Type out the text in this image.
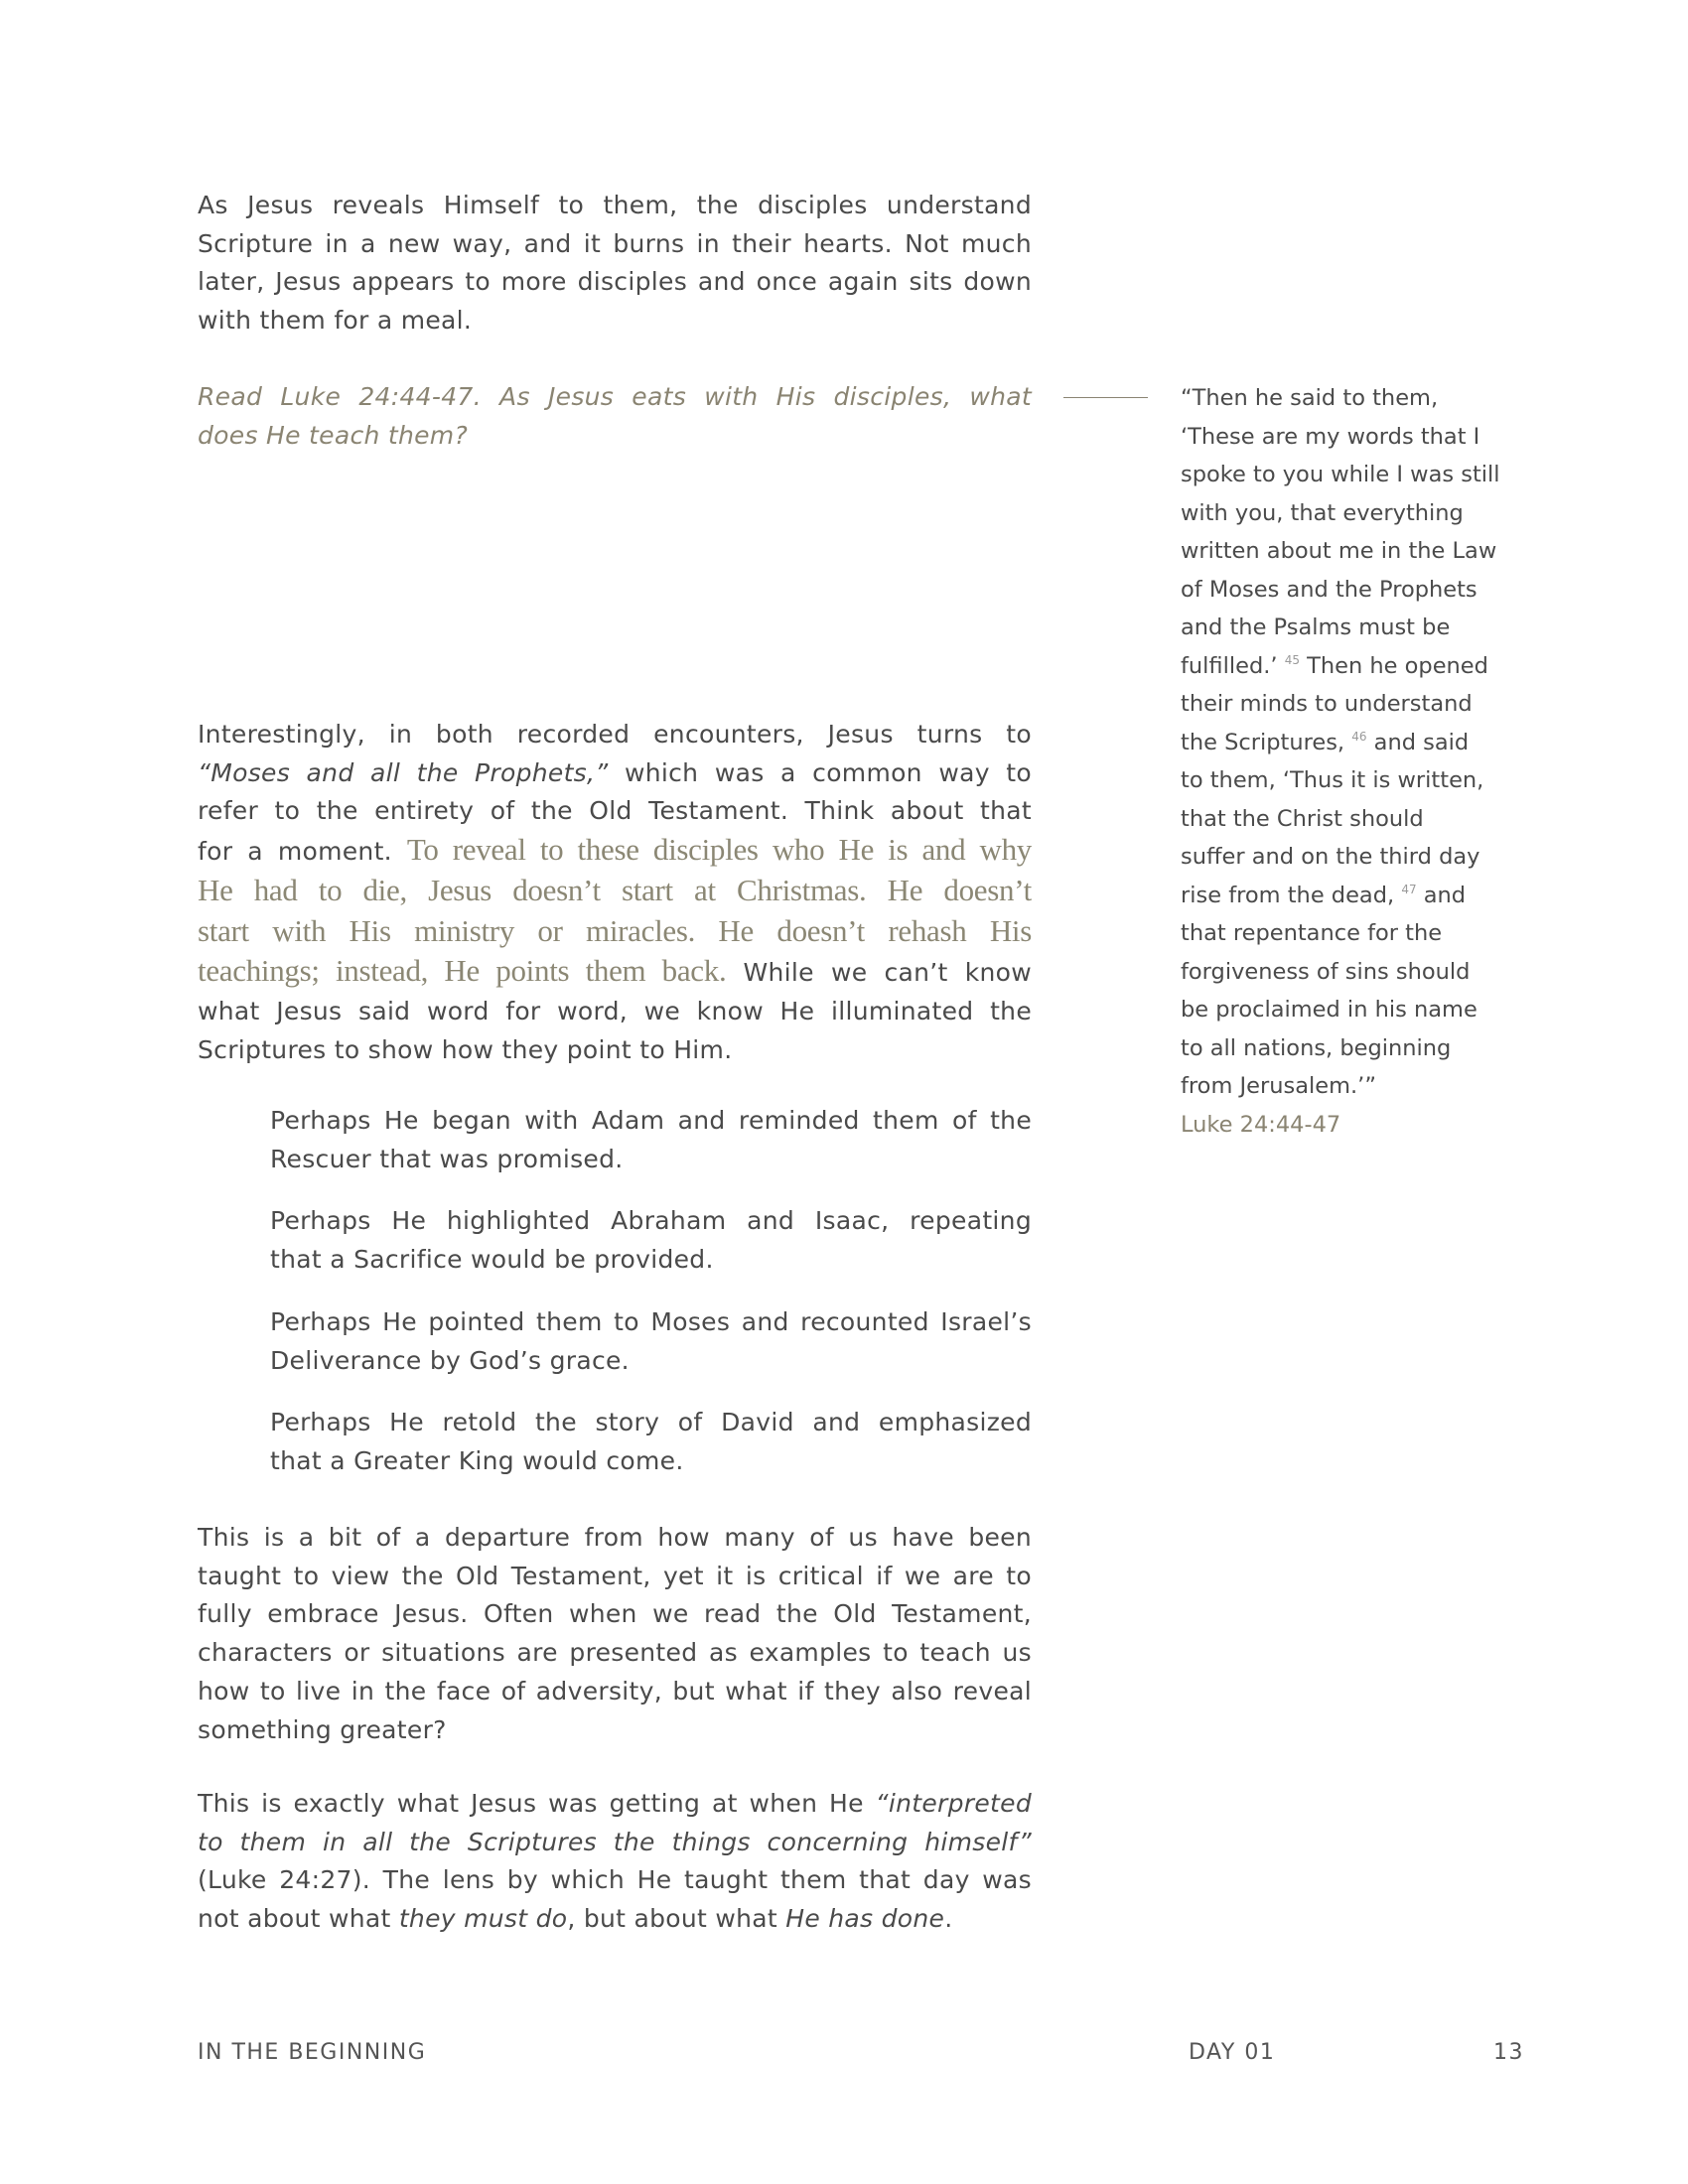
As Jesus reveals Himself to them, the disciples understand
Scripture in a new way, and it burns in their hearts. Not much
later, Jesus appears to more disciples and once again sits down
with them for a meal.
Read Luke 24:44-47. As Jesus eats with His disciples, what
does He teach them?
Interestingly, in both recorded encounters, Jesus turns to
“Moses and all the Prophets,” which was a common way to
refer to the entirety of the Old Testament. Think about that
for a moment. To reveal to these disciples who He is and why
He had to die, Jesus doesn’t start at Christmas. He doesn’t
start with His ministry or miracles. He doesn’t rehash His
teachings; instead, He points them back. While we can’t know
what Jesus said word for word, we know He illuminated the
Scriptures to show how they point to Him.
Perhaps He began with Adam and reminded them of the
Rescuer that was promised.
Perhaps He highlighted Abraham and Isaac, repeating
that a Sacrifice would be provided.
Perhaps He pointed them to Moses and recounted Israel’s
Deliverance by God’s grace.
Perhaps He retold the story of David and emphasized
that a Greater King would come.
This is a bit of a departure from how many of us have been
taught to view the Old Testament, yet it is critical if we are to
fully embrace Jesus. Often when we read the Old Testament,
characters or situations are presented as examples to teach us
how to live in the face of adversity, but what if they also reveal
something greater?
This is exactly what Jesus was getting at when He “interpreted
to them in all the Scriptures the things concerning himself”
(Luke 24:27). The lens by which He taught them that day was
not about what they must do, but about what He has done.
“Then he said to them,
‘These are my words that I
spoke to you while I was still
with you, that everything
written about me in the Law
of Moses and the Prophets
and the Psalms must be
fulfilled.’ $^{45}$ Then he opened
their minds to understand
the Scriptures, $^{46}$ and said
to them, ‘Thus it is written,
that the Christ should
suffer and on the third day
rise from the dead, $^{47}$ and
that repentance for the
forgiveness of sins should
be proclaimed in his name
to all nations, beginning
from Jerusalem.’”
Luke 24:44-47
IN THE BEGINNING	DAY 01	13
